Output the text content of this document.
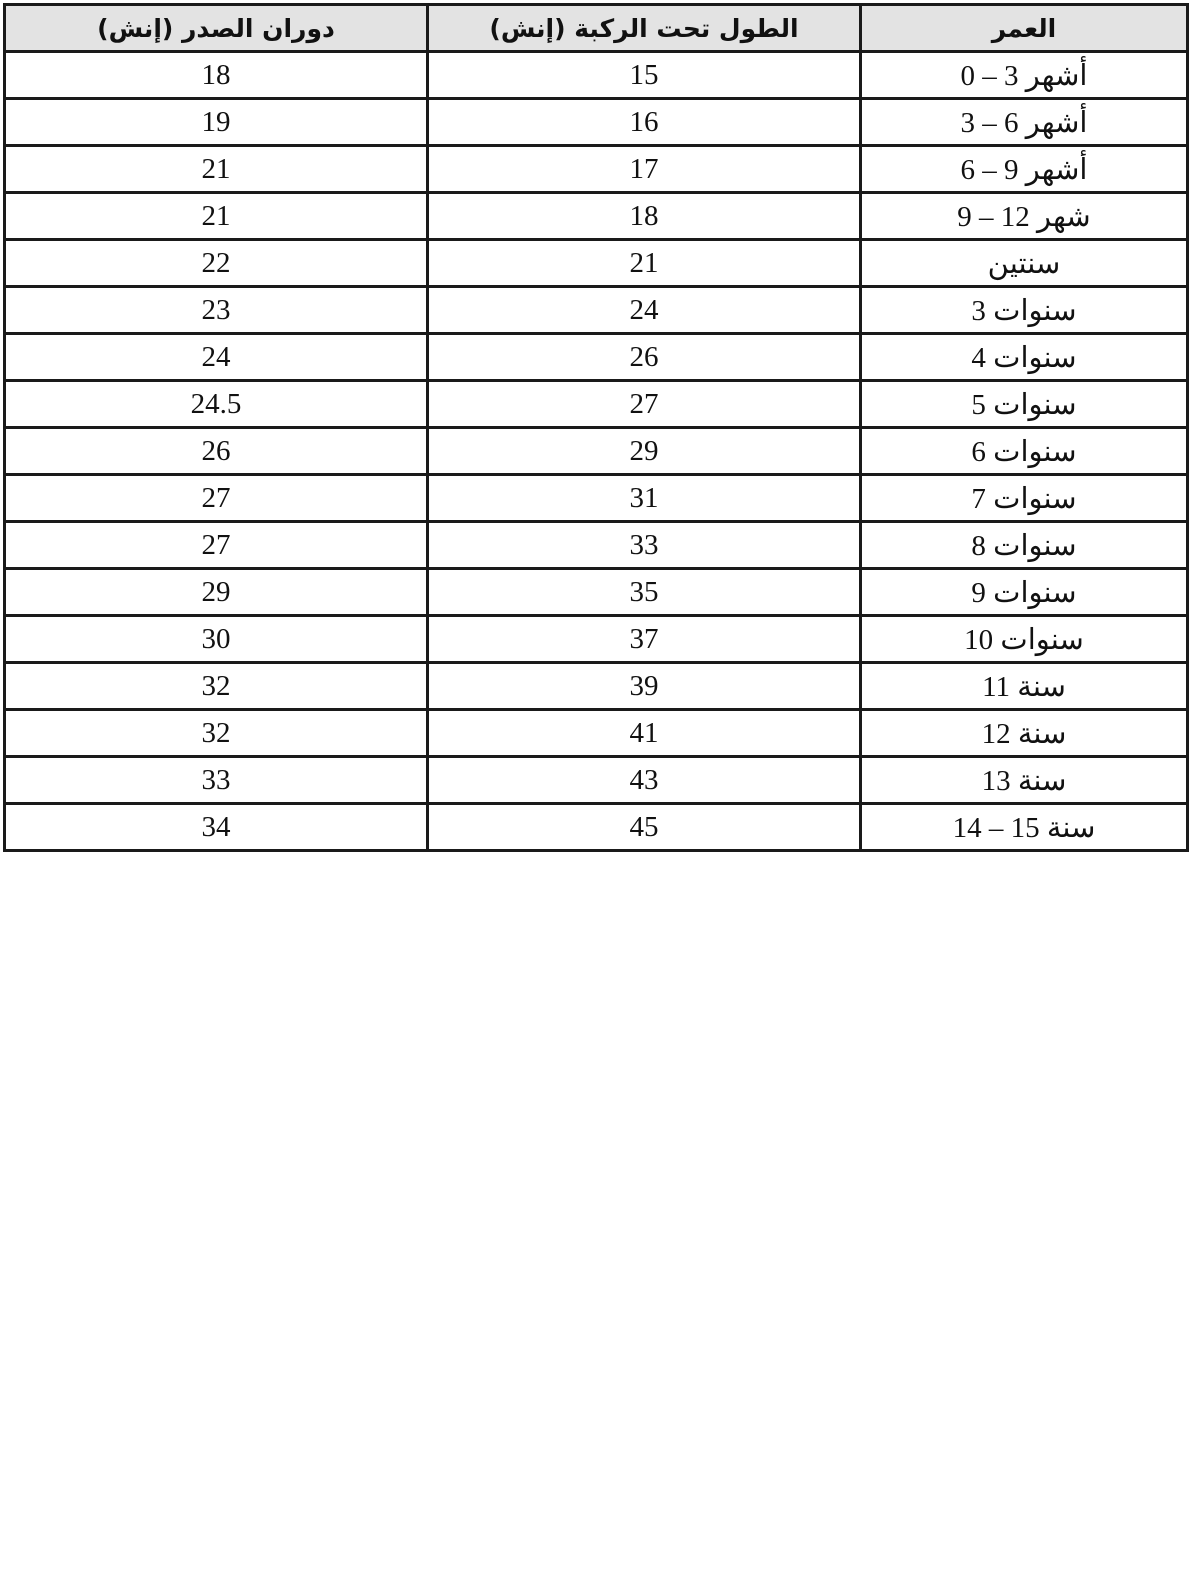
دوران الصدر (إنش)	الطول تحت الركبة (إنش)	العمر
18	15	أشهر 3 – 0
19	16	أشهر 6 – 3
21	17	أشهر 9 – 6
21	18	شهر 12 – 9
22	21	سنتين
23	24	سنوات 3
24	26	سنوات 4
24.5	27	سنوات 5
26	29	سنوات 6
27	31	سنوات 7
27	33	سنوات 8
29	35	سنوات 9
30	37	سنوات 10
32	39	سنة 11
32	41	سنة 12
33	43	سنة 13
34	45	سنة 15 – 14
